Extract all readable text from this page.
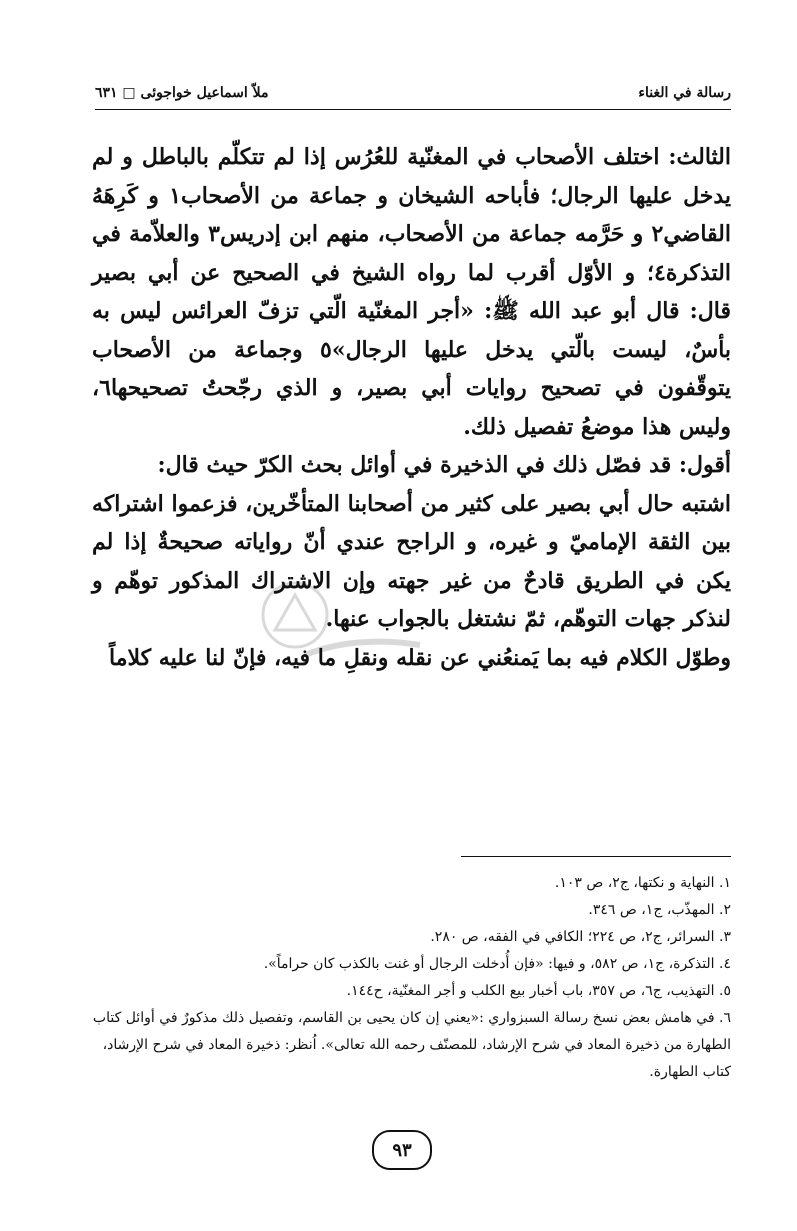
رسالة في الغناء
ملاّ اسماعيل خواجوئى □ ٦٣١

الثالث: اختلف الأصحاب في المغنّية للعُرُس إذا لم تتكلّم بالباطل و لم يدخل عليها الرجال؛ فأباحه الشيخان و جماعة من الأصحاب١ و كَرِهَهُ القاضي٢ و حَرَّمه جماعة من الأصحاب، منهم ابن إدريس٣ والعلاّمة في التذكرة٤؛ و الأوّل أقرب لما رواه الشيخ في الصحيح عن أبي بصير قال: قال أبو عبد الله ﷺ: «أجر المغنّية الّتي تزفّ العرائس ليس به بأسٌ، ليست بالّتي يدخل عليها الرجال»٥ وجماعة من الأصحاب يتوقّفون في تصحيح روايات أبي بصير، و الذي رجّحتُ تصحيحها٦، وليس هذا موضعُ تفصيل ذلك.

أقول: قد فصّل ذلك في الذخيرة في أوائل بحث الكرّ حيث قال:

اشتبه حال أبي بصير على كثير من أصحابنا المتأخّرين، فزعموا اشتراكه بين الثقة الإماميّ و غيره، و الراجح عندي أنّ رواياته صحيحةٌ إذا لم يكن في الطريق قادحٌ من غير جهته وإن الاشتراك المذكور توهّم و لنذكر جهات التوهّم، ثمّ نشتغل بالجواب عنها.

وطوّل الكلام فيه بما يَمنعُني عن نقله ونقلِ ما فيه، فإنّ لنا عليه كلاماً

١. النهاية و نكتها، ج٢، ص ١٠٣.

٢. المهذّب، ج١، ص ٣٤٦.

٣. السرائر، ج٢، ص ٢٢٤؛ الكافي في الفقه، ص ٢٨٠.

٤. التذكرة، ج١، ص ٥٨٢، و فيها: «فإن أُدخلت الرجال أو غنت بالكذب كان حراماً».

٥. التهذيب، ج٦، ص ٣٥٧، باب أخبار بيع الكلب و أجر المغنّية، ح١٤٤.

٦. في هامش بعض نسخ رسالة السبزواري :«يعني إن كان يحيى بن القاسم، وتفصيل ذلك مذكورٌ في أوائل كتاب الطهارة من ذخيرة المعاد في شرح الإرشاد، للمصنّف رحمه الله تعالى». اُنظر: ذخيرة المعاد في شرح الإرشاد، كتاب الطهارة.

٩٣
